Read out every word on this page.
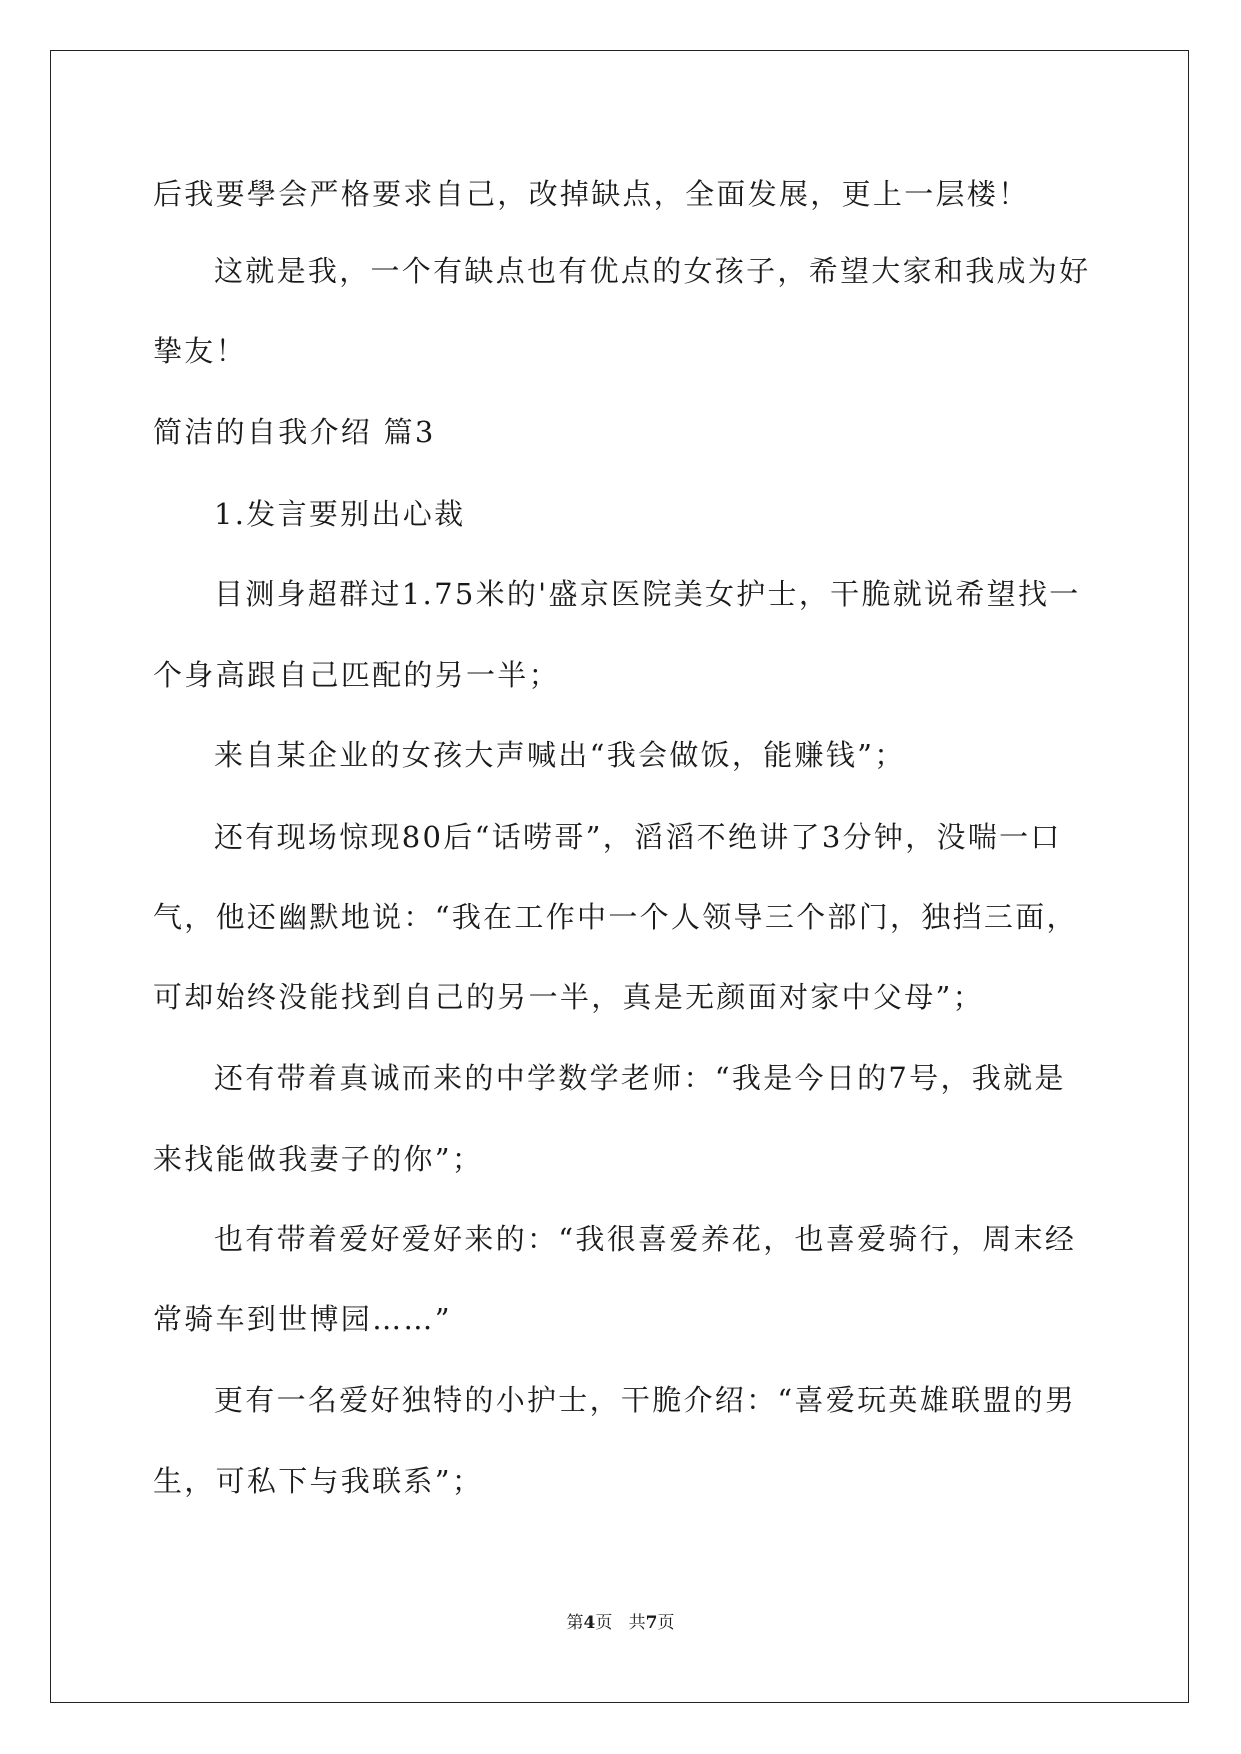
后我要學会严格要求自己，改掉缺点，全面发展，更上一层楼！
这就是我，一个有缺点也有优点的女孩子，希望大家和我成为好
挚友！
简洁的自我介绍 篇3
1.发言要别出心裁
目测身超群过1.75米的'盛京医院美女护士，干脆就说希望找一
个身高跟自己匹配的另一半；
来自某企业的女孩大声喊出“我会做饭，能赚钱”；
还有现场惊现80后“话唠哥”，滔滔不绝讲了3分钟，没喘一口
气，他还幽默地说：“我在工作中一个人领导三个部门，独挡三面，
可却始终没能找到自己的另一半，真是无颜面对家中父母”；
还有带着真诚而来的中学数学老师：“我是今日的7号，我就是
来找能做我妻子的你”；
也有带着爱好爱好来的：“我很喜爱养花，也喜爱骑行，周末经
常骑车到世博园……”
更有一名爱好独特的小护士，干脆介绍：“喜爱玩英雄联盟的男
生，可私下与我联系”；
第4页 共7页
